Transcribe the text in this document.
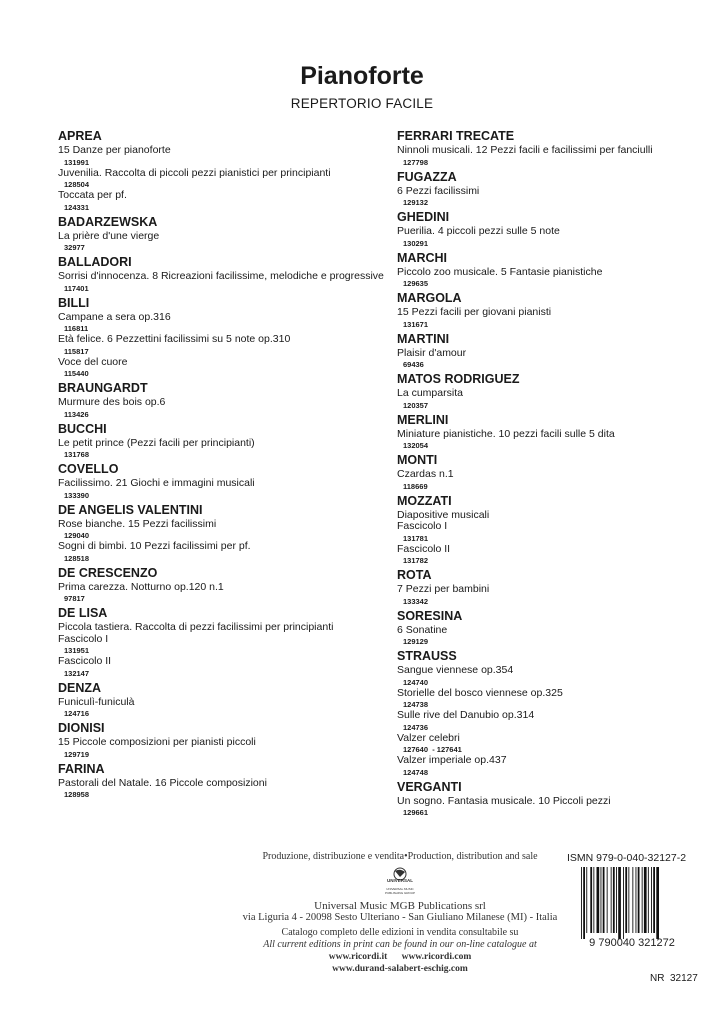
Pianoforte
REPERTORIO FACILE
APREA
15 Danze per pianoforte
131991
Juvenilia. Raccolta di piccoli pezzi pianistici per principianti
128504
Toccata per pf.
124331
BADARZEWSKA
La prière d'une vierge
32977
BALLADORI
Sorrisi d'innocenza. 8 Ricreazioni facilissime, melodiche e progressive
117401
BILLI
Campane a sera op.316
116811
Età felice. 6 Pezzettini facilissimi su 5 note op.310
115817
Voce del cuore
115440
BRAUNGARDT
Murmure des bois op.6
113426
BUCCHI
Le petit prince (Pezzi facili per principianti)
131768
COVELLO
Facilissimo. 21 Giochi e immagini musicali
133390
DE ANGELIS VALENTINI
Rose bianche. 15 Pezzi facilissimi
129040
Sogni di bimbi. 10 Pezzi facilissimi per pf.
128518
DE CRESCENZO
Prima carezza. Notturno op.120 n.1
97817
DE LISA
Piccola tastiera. Raccolta di pezzi facilissimi per principianti
Fascicolo I
131951
Fascicolo II
132147
DENZA
Funiculì-funiculà
124716
DIONISI
15 Piccole composizioni per pianisti piccoli
129719
FARINA
Pastorali del Natale. 16 Piccole composizioni
128958
FERRARI TRECATE
Ninnoli musicali. 12 Pezzi facili e facilissimi per fanciulli
127798
FUGAZZA
6 Pezzi facilissimi
129132
GHEDINI
Puerilia. 4 piccoli pezzi sulle 5 note
130291
MARCHI
Piccolo zoo musicale. 5 Fantasie pianistiche
129635
MARGOLA
15 Pezzi facili per giovani pianisti
131671
MARTINI
Plaisir d'amour
69436
MATOS RODRIGUEZ
La cumparsita
120357
MERLINI
Miniature pianistiche. 10 pezzi facili sulle 5 dita
132054
MONTI
Czardas n.1
118669
MOZZATI
Diapositive musicali
Fascicolo I
131781
Fascicolo II
131782
ROTA
7 Pezzi per bambini
133342
SORESINA
6 Sonatine
129129
STRAUSS
Sangue viennese op.354
124740
Storielle del bosco viennese op.325
124738
Sulle rive del Danubio op.314
124736
Valzer celebri
127640  - 127641
Valzer imperiale op.437
124748
VERGANTI
Un sogno. Fantasia musicale. 10 Piccoli pezzi
129661
Produzione, distribuzione e vendita•Production, distribution and sale
UNIVERSAL
UNIVERSAL MUSIC
PUBLISHING GROUP
Universal Music MGB Publications srl
via Liguria 4 - 20098 Sesto Ulteriano - San Giuliano Milanese (MI) - Italia
Catalogo completo delle edizioni in vendita consultabile su
All current editions in print can be found in our on-line catalogue at
www.ricordi.it www.ricordi.com
www.durand-salabert-eschig.com
ISMN 979-0-040-32127-2
9 790040 321272
NR  32127
